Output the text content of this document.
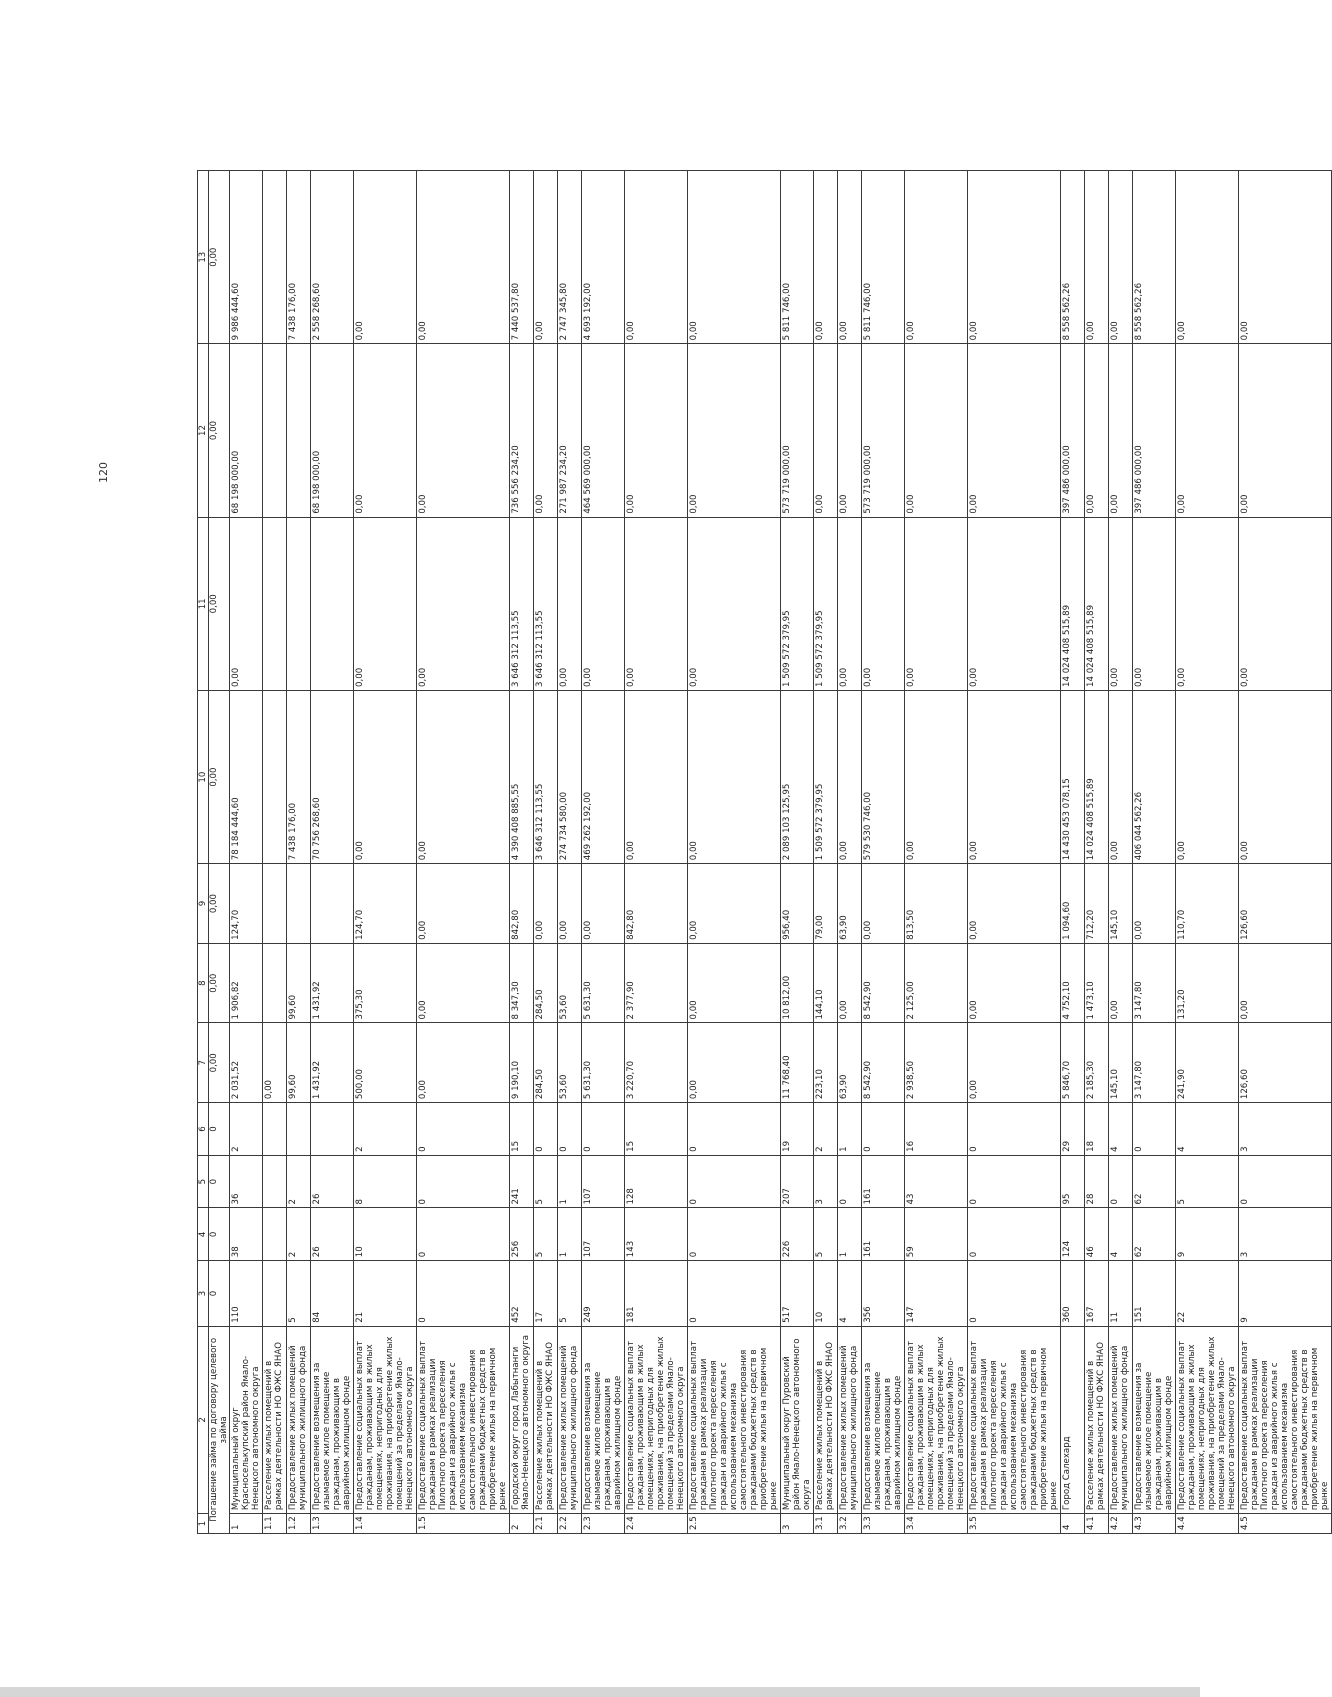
120
1	2	3	4	5	6	7	8	9	10	11	12	13
Погашение займа по договору целевого займа		0	0	0	0	0,00	0,00	0,00	0,00	0,00	0,00	0,00
1	Муниципальный округ Красноселькупский район Ямало-Ненецкого автономного округа	110	38	36	2	2 031,52	1 906,82	124,70	78 184 444,60	0,00	68 198 000,00	9 986 444,60
1.1	Расселение жилых помещений в рамках деятельности НО ФЖС ЯНАО					0,00						
1.2	Предоставление жилых помещений муниципального жилищного фонда	5	2	2		99,60	99,60		7 438 176,00			7 438 176,00
1.3	Предоставление возмещения за изымаемое жилое помещение гражданам, проживающим в аварийном жилищном фонде	84	26	26		1 431,92	1 431,92		70 756 268,60		68 198 000,00	2 558 268,60
1.4	Предоставление социальных выплат гражданам, проживающим в жилых помещениях, непригодных для проживания, на приобретение жилых помещений за пределами Ямало-Ненецкого автономного округа	21	10	8	2	500,00	375,30	124,70	0,00	0,00	0,00	0,00
1.5	Предоставление социальных выплат гражданам в рамках реализации Пилотного проекта переселения граждан из аварийного жилья с использованием механизма самостоятельного инвестирования гражданами бюджетных средств в приобретение жилья на первичном рынке	0	0	0	0	0,00	0,00	0,00	0,00	0,00	0,00	0,00
2	Городской округ город Лабытнанги Ямало-Ненецкого автономного округа	452	256	241	15	9 190,10	8 347,30	842,80	4 390 408 885,55	3 646 312 113,55	736 556 234,20	7 440 537,80
2.1	Расселение жилых помещений в рамках деятельности НО ФЖС ЯНАО	17	5	5	0	284,50	284,50	0,00	3 646 312 113,55	3 646 312 113,55	0,00	0,00
2.2	Предоставление жилых помещений муниципального жилищного фонда	5	1	1	0	53,60	53,60	0,00	274 734 580,00	0,00	271 987 234,20	2 747 345,80
2.3	Предоставление возмещения за изымаемое жилое помещение гражданам, проживающим в аварийном жилищном фонде	249	107	107	0	5 631,30	5 631,30	0,00	469 262 192,00	0,00	464 569 000,00	4 693 192,00
2.4	Предоставление социальных выплат гражданам, проживающим в жилых помещениях, непригодных для проживания, на приобретение жилых помещений за пределами Ямало-Ненецкого автономного округа	181	143	128	15	3 220,70	2 377,90	842,80	0,00	0,00	0,00	0,00
2.5	Предоставление социальных выплат гражданам в рамках реализации Пилотного проекта переселения граждан из аварийного жилья с использованием механизма самостоятельного инвестирования гражданами бюджетных средств в приобретение жилья на первичном рынке	0	0	0	0	0,00	0,00	0,00	0,00	0,00	0,00	0,00
3	Муниципальный округ Пуровский район Ямало-Ненецкого автономного округа	517	226	207	19	11 768,40	10 812,00	956,40	2 089 103 125,95	1 509 572 379,95	573 719 000,00	5 811 746,00
3.1	Расселение жилых помещений в рамках деятельности НО ФЖС ЯНАО	10	5	3	2	223,10	144,10	79,00	1 509 572 379,95	1 509 572 379,95	0,00	0,00
3.2	Предоставление жилых помещений муниципального жилищного фонда	4	1	0	1	63,90	0,00	63,90	0,00	0,00	0,00	0,00
3.3	Предоставление возмещения за изымаемое жилое помещение гражданам, проживающим в аварийном жилищном фонде	356	161	161	0	8 542,90	8 542,90	0,00	579 530 746,00	0,00	573 719 000,00	5 811 746,00
3.4	Предоставление социальных выплат гражданам, проживающим в жилых помещениях, непригодных для проживания, на приобретение жилых помещений за пределами Ямало-Ненецкого автономного округа	147	59	43	16	2 938,50	2 125,00	813,50	0,00	0,00	0,00	0,00
3.5	Предоставление социальных выплат гражданам в рамках реализации Пилотного проекта переселения граждан из аварийного жилья с использованием механизма самостоятельного инвестирования гражданами бюджетных средств в приобретение жилья на первичном рынке	0	0	0	0	0,00	0,00	0,00	0,00	0,00	0,00	0,00
4	Город Салехард	360	124	95	29	5 846,70	4 752,10	1 094,60	14 430 453 078,15	14 024 408 515,89	397 486 000,00	8 558 562,26
4.1	Расселение жилых помещений в рамках деятельности НО ФЖС ЯНАО	167	46	28	18	2 185,30	1 473,10	712,20	14 024 408 515,89	14 024 408 515,89	0,00	0,00
4.2	Предоставление жилых помещений муниципального жилищного фонда	11	4	0	4	145,10	0,00	145,10	0,00	0,00	0,00	0,00
4.3	Предоставление возмещения за изымаемое жилое помещение гражданам, проживающим в аварийном жилищном фонде	151	62	62	0	3 147,80	3 147,80	0,00	406 044 562,26	0,00	397 486 000,00	8 558 562,26
4.4	Предоставление социальных выплат гражданам, проживающим в жилых помещениях, непригодных для проживания, на приобретение жилых помещений за пределами Ямало-Ненецкого автономного округа	22	9	5	4	241,90	131,20	110,70	0,00	0,00	0,00	0,00
4.5	Предоставление социальных выплат гражданам в рамках реализации Пилотного проекта переселения граждан из аварийного жилья с использованием механизма самостоятельного инвестирования гражданами бюджетных средств в приобретение жилья на первичном рынке	9	3	0	3	126,60	0,00	126,60	0,00	0,00	0,00	0,00
